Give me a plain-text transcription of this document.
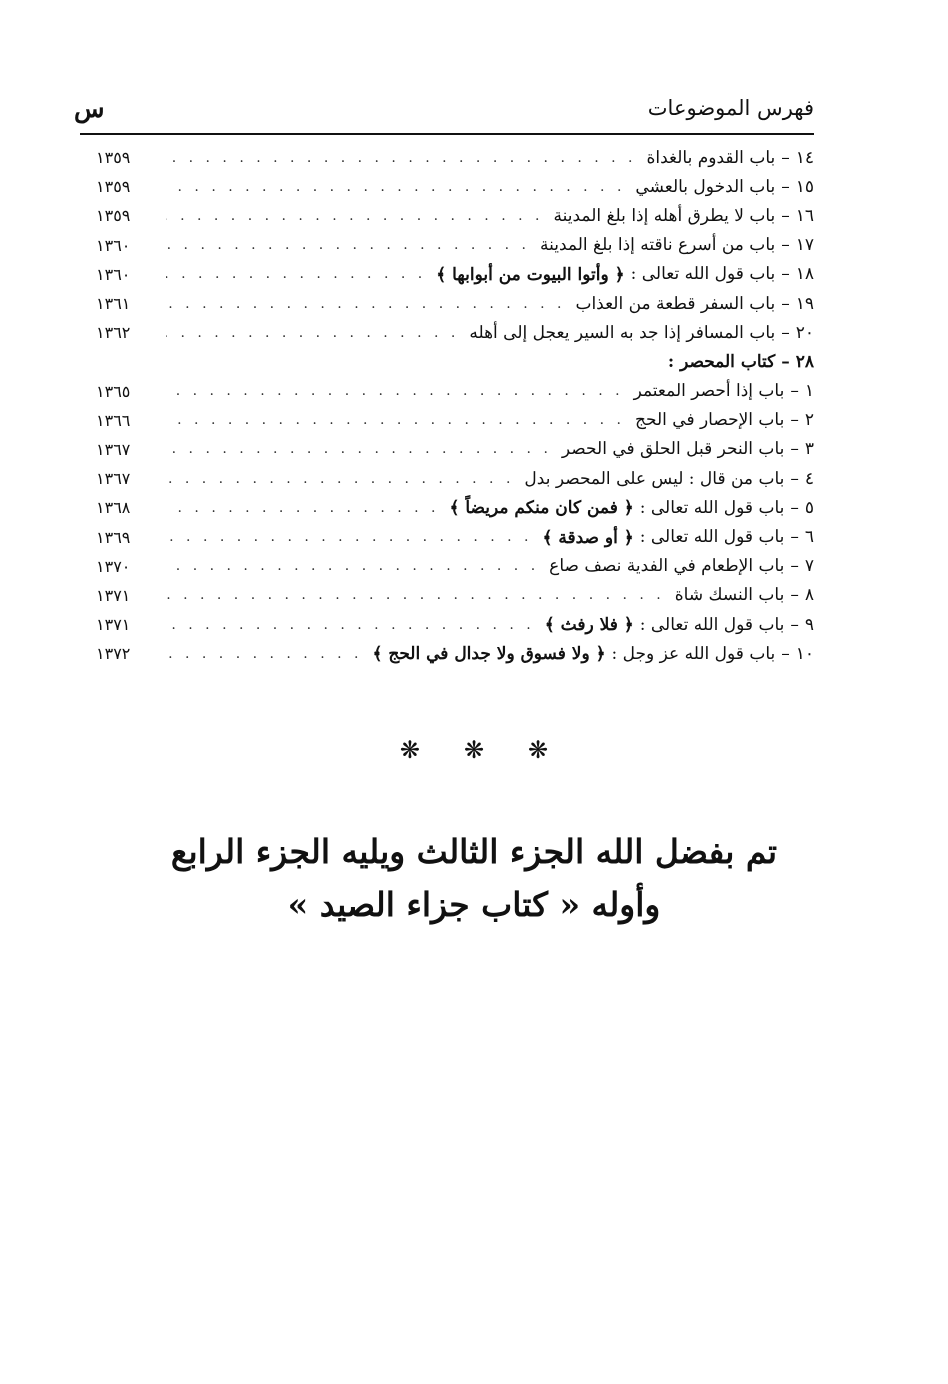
فهرس الموضوعات
س
١٤
–
باب القدوم بالغداة
. . .
١٣٥٩
١٥
–
باب الدخول بالعشي
. . .
١٣٥٩
١٦
–
باب لا يطرق أهله إذا بلغ المدينة
. . .
١٣٥٩
١٧
–
باب من أسرع ناقته إذا بلغ المدينة
. . .
١٣٦٠
١٨
–
باب قول الله تعالى :
﴿ وأتوا البيوت من أبوابها ﴾
. . .
١٣٦٠
١٩
–
باب السفر قطعة من العذاب
. . .
١٣٦١
٢٠
–
باب المسافر إذا جد به السير يعجل إلى أهله
. . .
١٣٦٢
٢٨
–
كتاب المحصر :
١
–
باب إذا أحصر المعتمر
. . .
١٣٦٥
٢
–
باب الإحصار في الحج
. . .
١٣٦٦
٣
–
باب النحر قبل الحلق في الحصر
. . .
١٣٦٧
٤
–
باب من قال : ليس على المحصر بدل
. . .
١٣٦٧
٥
–
باب قول الله تعالى :
﴿ فمن كان منكم مريضاً ﴾
. . .
١٣٦٨
٦
–
باب قول الله تعالى :
﴿ أو صدقة ﴾
. . .
١٣٦٩
٧
–
باب الإطعام في الفدية نصف صاع
. . .
١٣٧٠
٨
–
باب النسك شاة
. . .
١٣٧١
٩
–
باب قول الله تعالى :
﴿ فلا رفث ﴾
. . .
١٣٧١
١٠
–
باب قول الله عز وجل :
﴿ ولا فسوق ولا جدال في الحج ﴾
. . .
١٣٧٢
❋ ❋ ❋
تم بفضل الله الجزء الثالث ويليه الجزء الرابع
وأوله « كتاب جزاء الصيد »
